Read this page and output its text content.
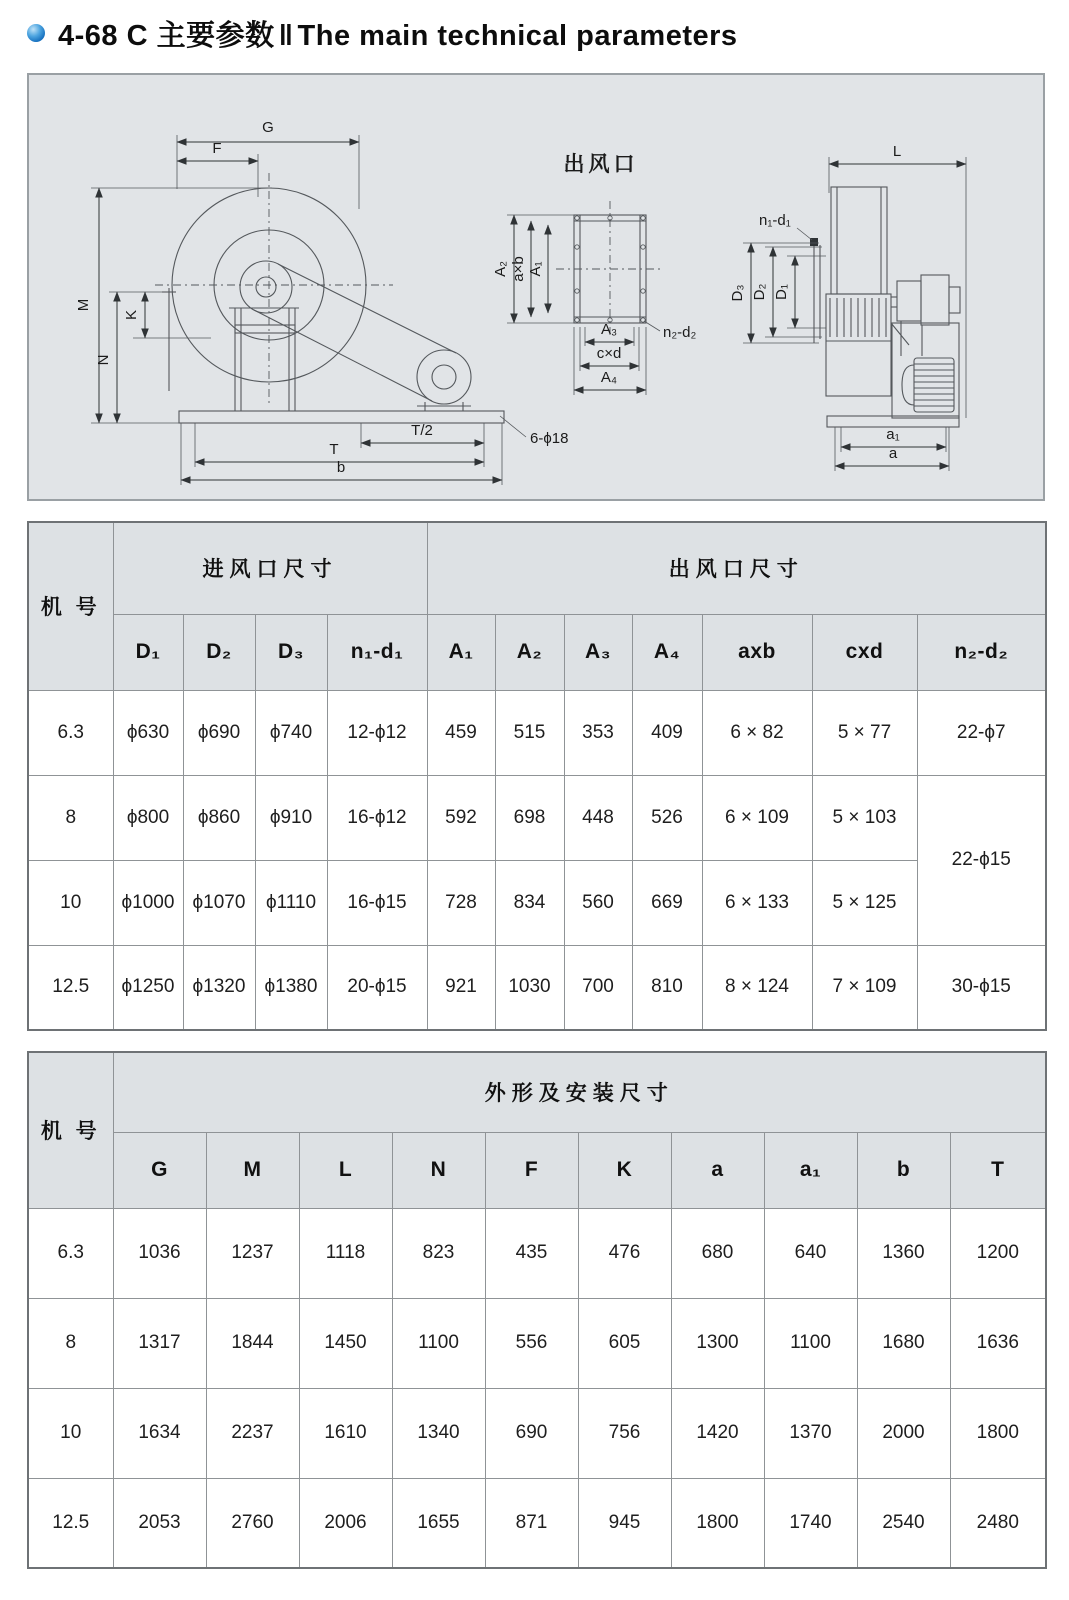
4-68 C 主要参数 ‖ The main technical parameters
G
F
M
N
K
T/2
T
b
6-ϕ18
出风口
A₂ a×b A₁
A₃
c×d
A₄
n₂-d₂
L
n₁-d₁
D₃ D₂ D₁
a₁
a
机 号	进风口尺寸				出风口尺寸						
	D₁	D₂	D₃	n₁-d₁	A₁	A₂	A₃	A₄	axb	cxd	n₂-d₂
6.3	ϕ630	ϕ690	ϕ740	12-ϕ12	459	515	353	409	6 × 82	5 × 77	22-ϕ7
8	ϕ800	ϕ860	ϕ910	16-ϕ12	592	698	448	526	6 × 109	5 × 103	22-ϕ15
10	ϕ1000	ϕ1070	ϕ1110	16-ϕ15	728	834	560	669	6 × 133	5 × 125	
12.5	ϕ1250	ϕ1320	ϕ1380	20-ϕ15	921	1030	700	810	8 × 124	7 × 109	30-ϕ15
机 号	外形及安装尺寸									
	G	M	L	N	F	K	a	a₁	b	T
6.3	1036	1237	1118	823	435	476	680	640	1360	1200
8	1317	1844	1450	1100	556	605	1300	1100	1680	1636
10	1634	2237	1610	1340	690	756	1420	1370	2000	1800
12.5	2053	2760	2006	1655	871	945	1800	1740	2540	2480
